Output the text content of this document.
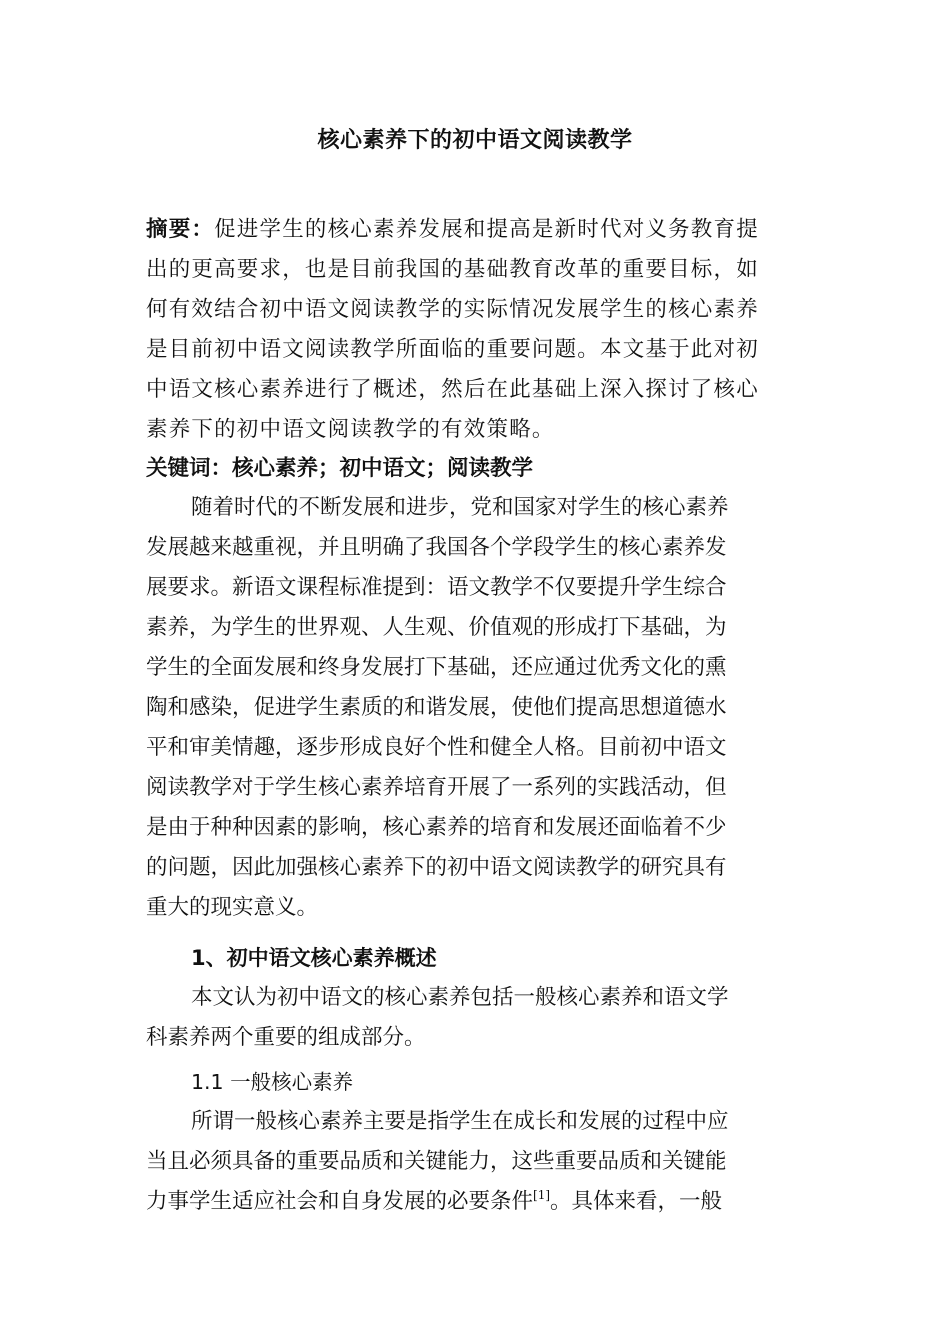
核心素养下的初中语文阅读教学
摘要：促进学生的核心素养发展和提高是新时代对义务教育提
出的更高要求，也是目前我国的基础教育改革的重要目标，如
何有效结合初中语文阅读教学的实际情况发展学生的核心素养
是目前初中语文阅读教学所面临的重要问题。本文基于此对初
中语文核心素养进行了概述，然后在此基础上深入探讨了核心
素养下的初中语文阅读教学的有效策略。
关键词：核心素养；初中语文；阅读教学
随着时代的不断发展和进步，党和国家对学生的核心素养
发展越来越重视，并且明确了我国各个学段学生的核心素养发
展要求。新语文课程标准提到：语文教学不仅要提升学生综合
素养，为学生的世界观、人生观、价值观的形成打下基础，为
学生的全面发展和终身发展打下基础，还应通过优秀文化的熏
陶和感染，促进学生素质的和谐发展，使他们提高思想道德水
平和审美情趣，逐步形成良好个性和健全人格。目前初中语文
阅读教学对于学生核心素养培育开展了一系列的实践活动，但
是由于种种因素的影响，核心素养的培育和发展还面临着不少
的问题，因此加强核心素养下的初中语文阅读教学的研究具有
重大的现实意义。
1、初中语文核心素养概述
本文认为初中语文的核心素养包括一般核心素养和语文学
科素养两个重要的组成部分。
1.1 一般核心素养
所谓一般核心素养主要是指学生在成长和发展的过程中应
当且必须具备的重要品质和关键能力，这些重要品质和关键能
力事学生适应社会和自身发展的必要条件[1]。具体来看，一般
